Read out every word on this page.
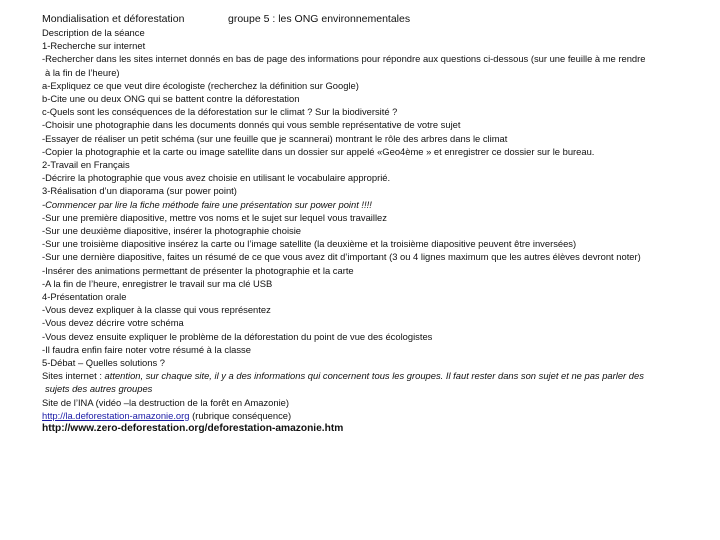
Mondialisation et déforestation	groupe 5 : les ONG environnementales
Description de la séance
1-Recherche sur internet
-Rechercher dans les sites internet donnés en bas de page des informations pour répondre aux questions ci-dessous (sur une feuille à me rendre
à la fin de l’heure)
a-Expliquez ce que veut dire écologiste (recherchez la définition sur Google)
b-Cite une ou deux ONG qui se battent contre la déforestation
c-Quels sont les conséquences de la déforestation sur le climat ? Sur la biodiversité ?
-Choisir une photographie dans les documents donnés qui vous semble représentative de votre sujet
-Essayer de réaliser un petit schéma (sur une feuille que je scannerai) montrant le rôle des arbres dans le climat
-Copier la photographie et la carte ou image satellite dans un dossier sur appelé «Geo4ème » et enregistrer ce dossier sur le bureau.
2-Travail en Français
-Décrire la photographie que vous avez choisie en utilisant le vocabulaire approprié.
3-Réalisation d’un diaporama (sur power point)
-Commencer par lire la fiche méthode faire une présentation sur power point !!!!
-Sur une première diapositive, mettre vos noms et le sujet sur lequel vous travaillez
-Sur une deuxième diapositive, insérer la photographie choisie
-Sur une troisième diapositive insérez la carte ou l’image satellite (la deuxième et la troisième diapositive peuvent être inversées)
-Sur une dernière diapositive, faites un résumé de ce que vous avez dit d’important (3 ou 4 lignes maximum que les autres élèves devront noter)
-Insérer des animations permettant de présenter la photographie et la carte
-A la fin de l’heure, enregistrer le travail sur ma clé USB
4-Présentation orale
-Vous devez expliquer à la classe qui vous représentez
-Vous devez décrire votre schéma
-Vous devez ensuite expliquer le problème de la déforestation du point de vue des écologistes
-Il faudra enfin faire noter votre résumé à la classe
5-Débat – Quelles solutions ?
Sites internet : attention, sur chaque site, il y a des informations qui concernent tous les groupes. Il faut rester dans son sujet et ne pas parler des
sujets des autres groupes
Site de l’INA (vidéo –la destruction de la forêt en Amazonie)
http://la.deforestation-amazonie.org (rubrique conséquence)
http://www.zero-deforestation.org/deforestation-amazonie.htm
